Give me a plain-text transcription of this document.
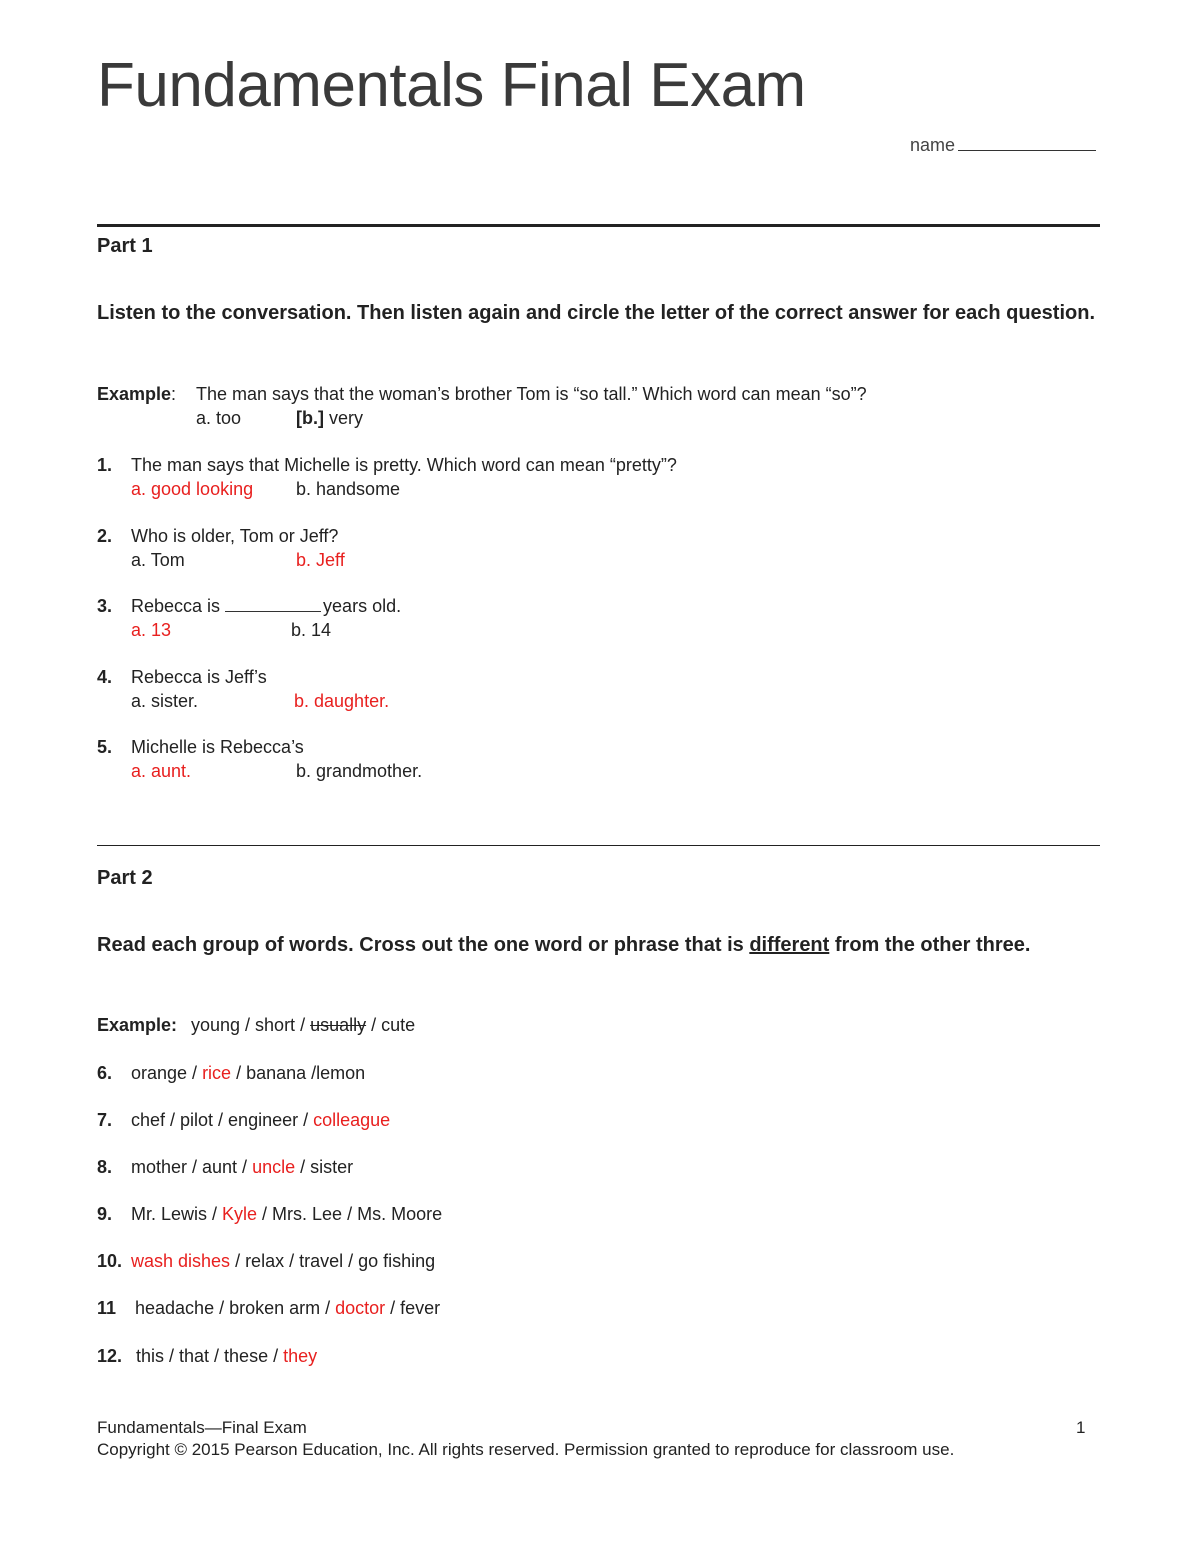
Fundamentals Final Exam
name
Part 1
Listen to the conversation. Then listen again and circle the letter of the correct answer for each question.
Example: The man says that the woman’s brother Tom is “so tall.” Which word can mean “so”?
a. too	[b.] very
1. The man says that Michelle is pretty. Which word can mean “pretty”?
a. good looking b. handsome
2. Who is older, Tom or Jeff?
a. Tom	b. Jeff
3. Rebecca is	years old.
a. 13	b. 14
4. Rebecca is Jeff’s
a. sister.	b. daughter.
5. Michelle is Rebecca’s
a. aunt.	b. grandmother.
Part 2
Read each group of words. Cross out the one word or phrase that is different from the other three.
Example: young / short / usually / cute
6. orange / rice / banana /lemon
7. chef / pilot / engineer / colleague
8. mother / aunt / uncle / sister
9. Mr. Lewis / Kyle / Mrs. Lee / Ms. Moore
10. wash dishes / relax / travel / go fishing
11 headache / broken arm / doctor / fever
12. this / that / these / they
Fundamentals—Final Exam	1
Copyright © 2015 Pearson Education, Inc. All rights reserved. Permission granted to reproduce for classroom use.
